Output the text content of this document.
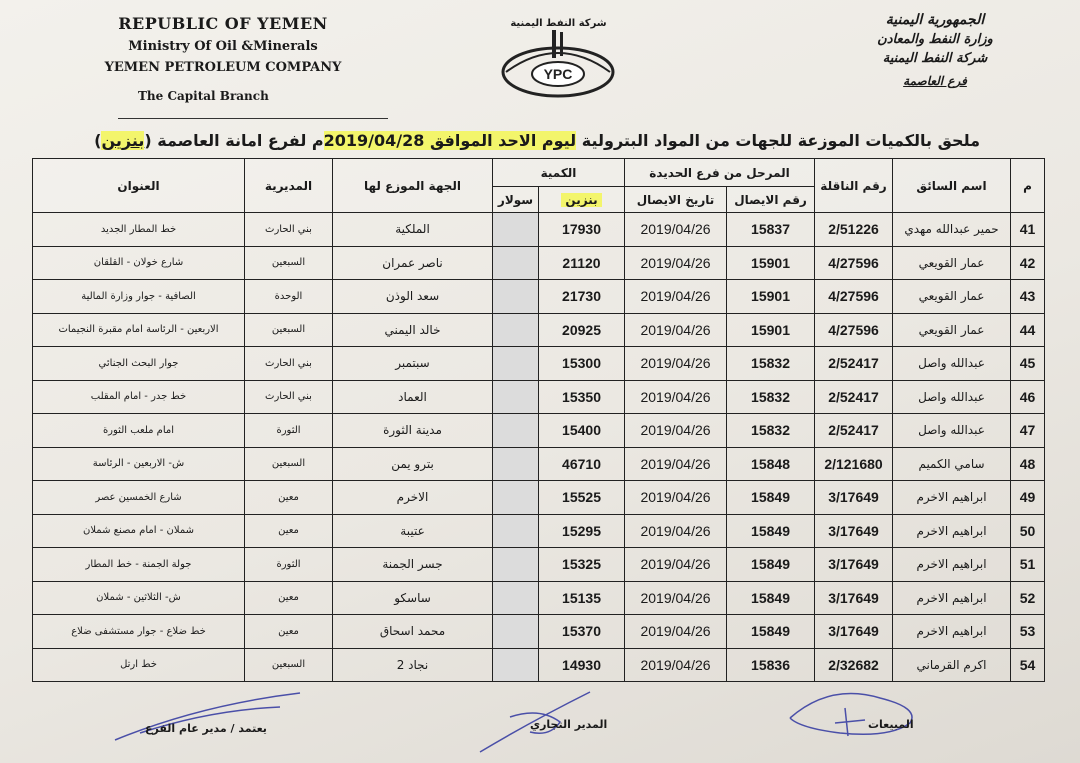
REPUBLIC OF YEMEN
Ministry Of Oil &Minerals
YEMEN PETROLEUM COMPANY
The Capital Branch
شركة النفط اليمنية
YPC
الجمهورية اليمنية
وزارة النفط والمعادن
شركة النفط اليمنية
فرع العاصمة
ملحق بالكميات الموزعة للجهات من المواد البترولية ليوم الاحد الموافق 2019/04/28م لفرع امانة العاصمة (بنزين)
م	اسم السائق	رقم الناقلة	المرحل من فرع الحديدة		الكمية		الجهة الموزع لها	المديرية	العنوان
			رقم الايصال	تاريخ الايصال	بنزين	سولار			
41	حمير عبدالله مهدي	2/51226	15837	2019/04/26	17930		الملكية	بني الحارث	خط المطار الجديد
42	عمار القويعي	4/27596	15901	2019/04/26	21120		ناصر عمران	السبعين	شارع خولان - القلقان
43	عمار القويعي	4/27596	15901	2019/04/26	21730		سعد الوذن	الوحدة	الصافية - جوار وزارة المالية
44	عمار القويعي	4/27596	15901	2019/04/26	20925		خالد اليمني	السبعين	الاربعين - الرئاسة امام مقبرة النجيمات
45	عبدالله واصل	2/52417	15832	2019/04/26	15300		سبتمبر	بني الحارث	جوار البحث الجنائي
46	عبدالله واصل	2/52417	15832	2019/04/26	15350		العماد	بني الحارث	خط جدر - امام المقلب
47	عبدالله واصل	2/52417	15832	2019/04/26	15400		مدينة الثورة	الثورة	امام ملعب الثورة
48	سامي الكميم	2/121680	15848	2019/04/26	46710		بترو يمن	السبعين	ش- الاربعين - الرئاسة
49	ابراهيم الاخرم	3/17649	15849	2019/04/26	15525		الاخرم	معين	شارع الخمسين عصر
50	ابراهيم الاخرم	3/17649	15849	2019/04/26	15295		عتيبة	معين	شملان - امام مصنع شملان
51	ابراهيم الاخرم	3/17649	15849	2019/04/26	15325		جسر الجمنة	الثورة	جولة الجمنة - خط المطار
52	ابراهيم الاخرم	3/17649	15849	2019/04/26	15135		ساسكو	معين	ش- الثلاثين - شملان
53	ابراهيم الاخرم	3/17649	15849	2019/04/26	15370		محمد اسحاق	معين	خط ضلاع - جوار مستشفى ضلاع
54	اكرم القرماني	2/32682	15836	2019/04/26	14930		نجاد 2	السبعين	خط ارتل
المبيعات
المدير التجاري
يعتمد / مدير عام الفرع
